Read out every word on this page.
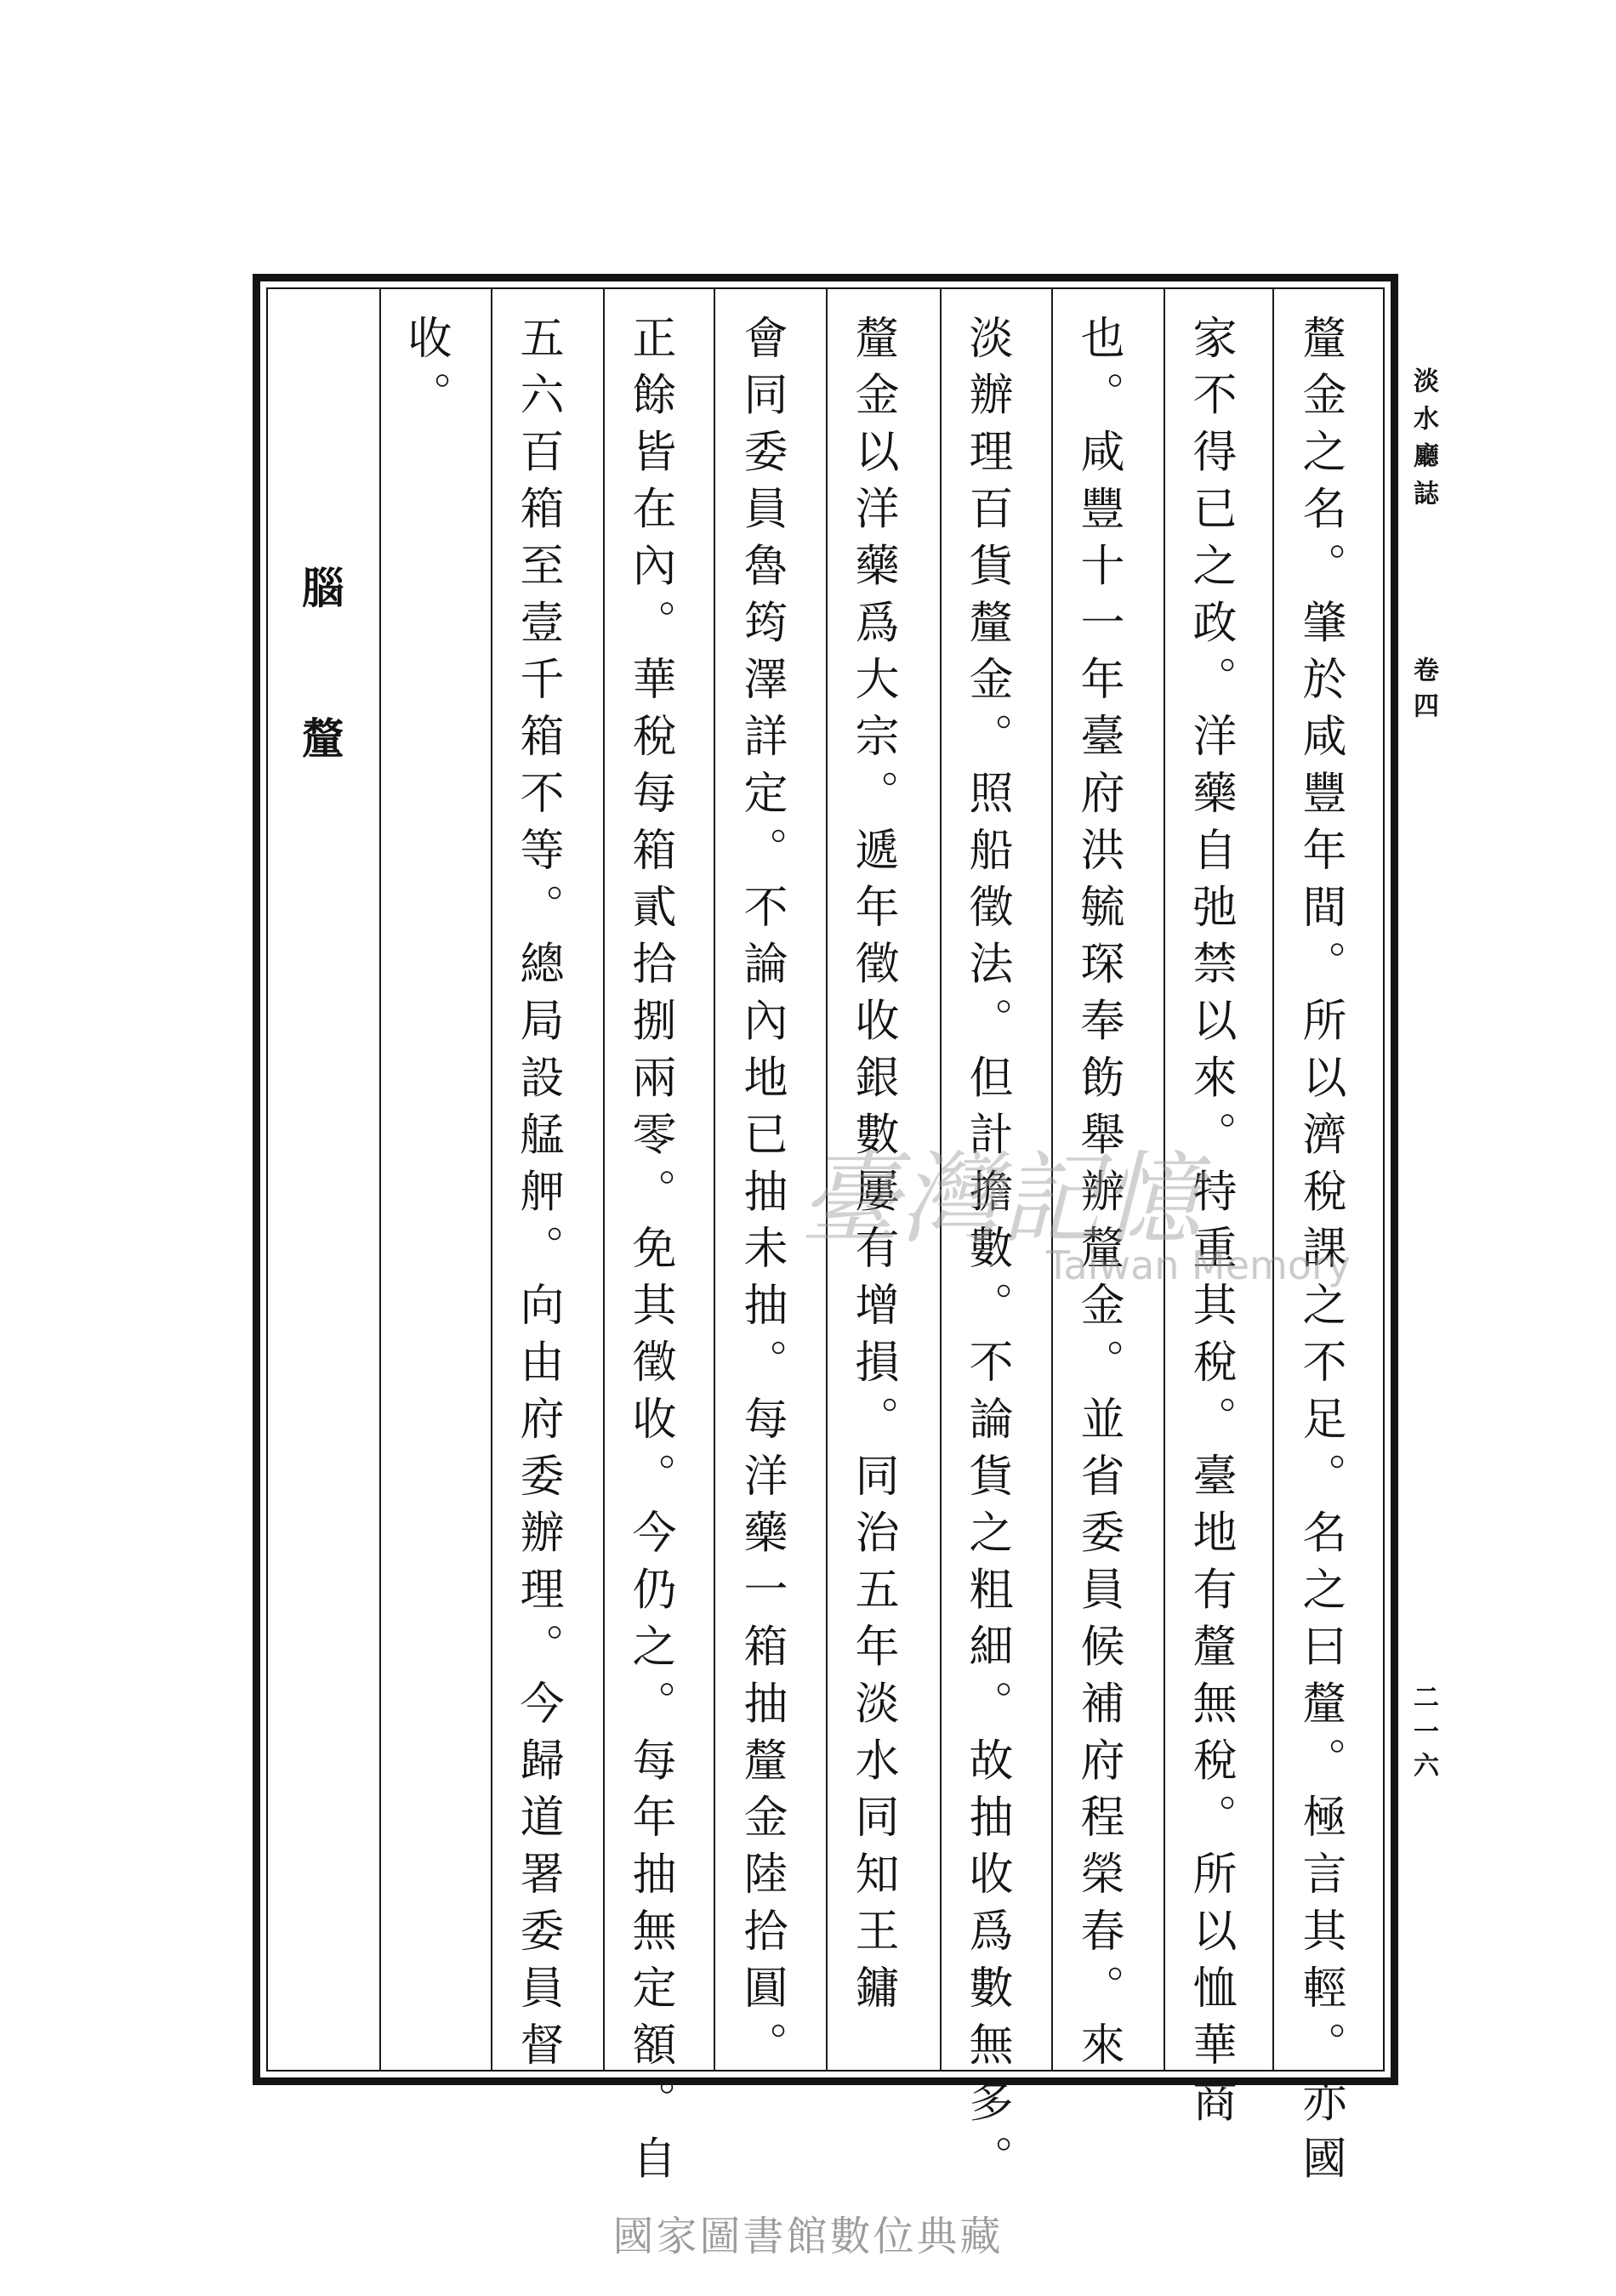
淡水廳誌
卷四
二一六
釐金之名。肇於咸豐年間。所以濟稅課之不足。名之曰釐。極言其輕。亦國
家不得已之政。洋藥自弛禁以來。特重其稅。臺地有釐無稅。所以恤華商
也。咸豐十一年臺府洪毓琛奉飭舉辦釐金。並省委員候補府程榮春。來
淡辦理百貨釐金。照船徵法。但計擔數。不論貨之粗細。故抽收爲數無多。
釐金以洋藥爲大宗。遞年徵收銀數屢有增損。同治五年淡水同知王鏞
會同委員魯筠澤詳定。不論內地已抽未抽。每洋藥一箱抽釐金陸拾圓。
正餘皆在內。華稅每箱貳拾捌兩零。免其徵收。今仍之。每年抽無定額。自
五六百箱至壹千箱不等。總局設艋舺。向由府委辦理。今歸道署委員督
收。
腦 釐
臺灣記憶
Taiwan Memory
國家圖書館數位典藏
